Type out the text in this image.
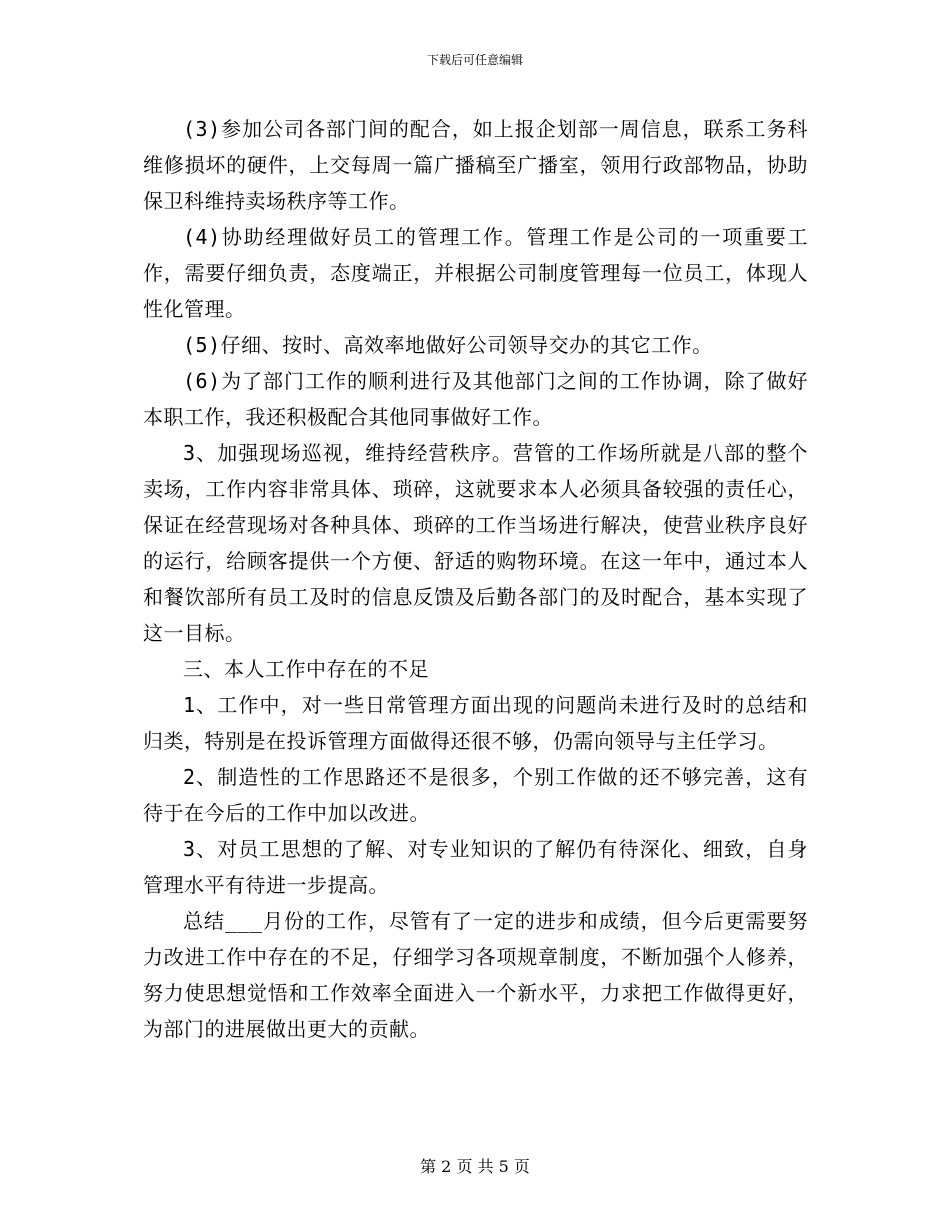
下载后可任意编辑

(3)参加公司各部门间的配合，如上报企划部一周信息，联系工务科维修损坏的硬件，上交每周一篇广播稿至广播室，领用行政部物品，协助保卫科维持卖场秩序等工作。

(4)协助经理做好员工的管理工作。管理工作是公司的一项重要工作，需要仔细负责，态度端正，并根据公司制度管理每一位员工，体现人性化管理。

(5)仔细、按时、高效率地做好公司领导交办的其它工作。

(6)为了部门工作的顺利进行及其他部门之间的工作协调，除了做好本职工作，我还积极配合其他同事做好工作。

3、加强现场巡视，维持经营秩序。营管的工作场所就是八部的整个卖场，工作内容非常具体、琐碎，这就要求本人必须具备较强的责任心，保证在经营现场对各种具体、琐碎的工作当场进行解决，使营业秩序良好的运行，给顾客提供一个方便、舒适的购物环境。在这一年中，通过本人和餐饮部所有员工及时的信息反馈及后勤各部门的及时配合，基本实现了这一目标。

三、本人工作中存在的不足

1、工作中，对一些日常管理方面出现的问题尚未进行及时的总结和归类，特别是在投诉管理方面做得还很不够，仍需向领导与主任学习。

2、制造性的工作思路还不是很多，个别工作做的还不够完善，这有待于在今后的工作中加以改进。

3、对员工思想的了解、对专业知识的了解仍有待深化、细致，自身管理水平有待进一步提高。

总结___月份的工作，尽管有了一定的进步和成绩，但今后更需要努力改进工作中存在的不足，仔细学习各项规章制度，不断加强个人修养，努力使思想觉悟和工作效率全面进入一个新水平，力求把工作做得更好，为部门的进展做出更大的贡献。

第 2 页 共 5 页
